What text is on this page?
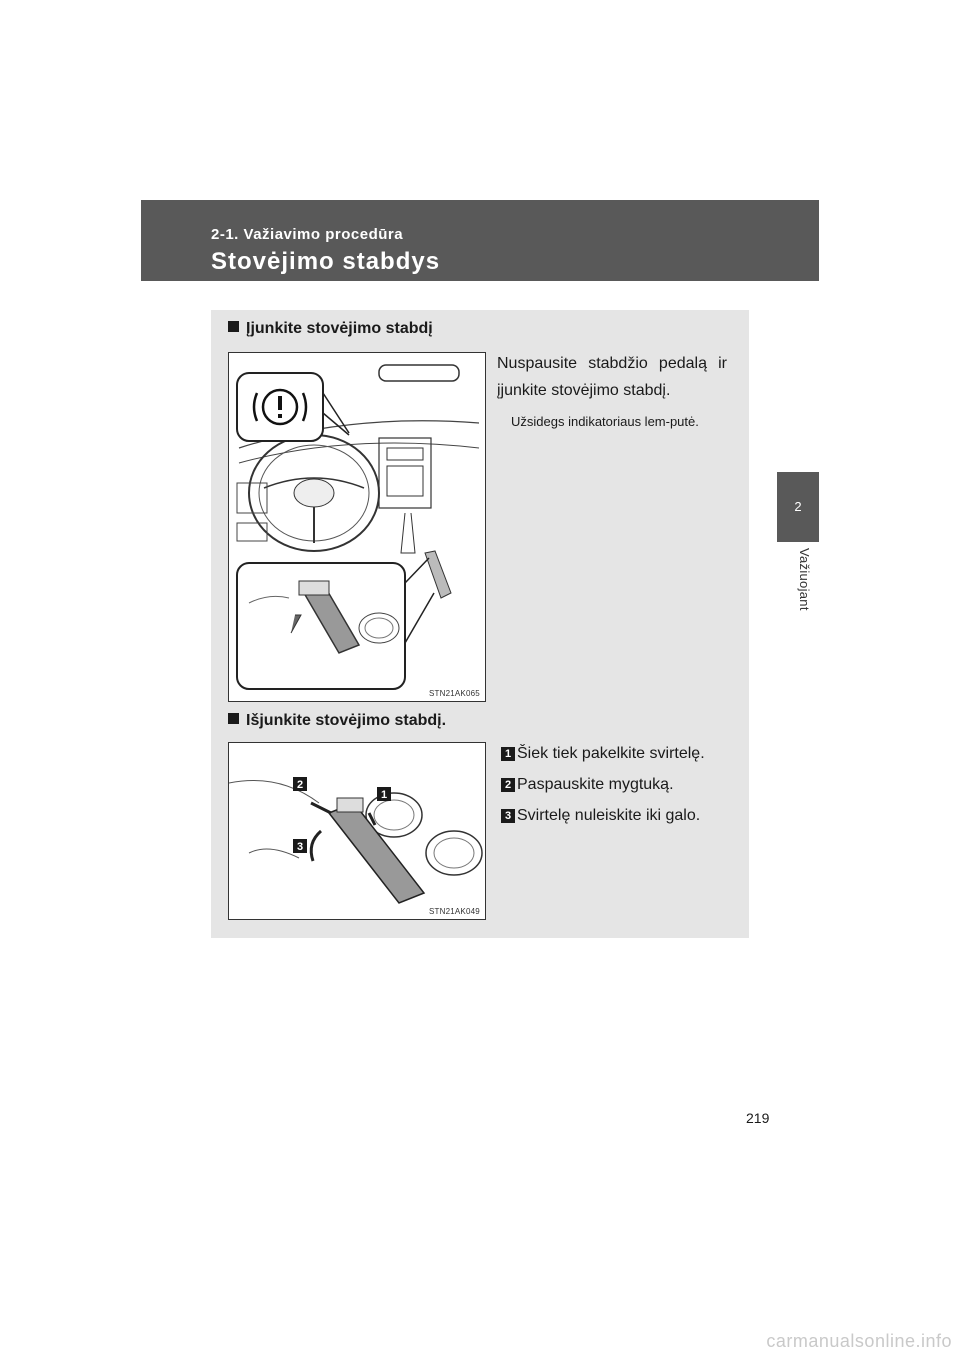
2-1. Važiavimo procedūra
Stovėjimo stabdys
2
Važiuojant
Įjunkite stovėjimo stabdį
STN21AK065
Nuspausite stabdžio pedalą ir įjunkite stovėjimo stabdį.
Užsidegs indikatoriaus lem-putė.
Išjunkite stovėjimo stabdį.
2
1
3
STN21AK049
1 Šiek tiek pakelkite svirtelę.
2 Paspauskite mygtuką.
3 Svirtelę nuleiskite iki galo.
219
carmanualsonline.info
